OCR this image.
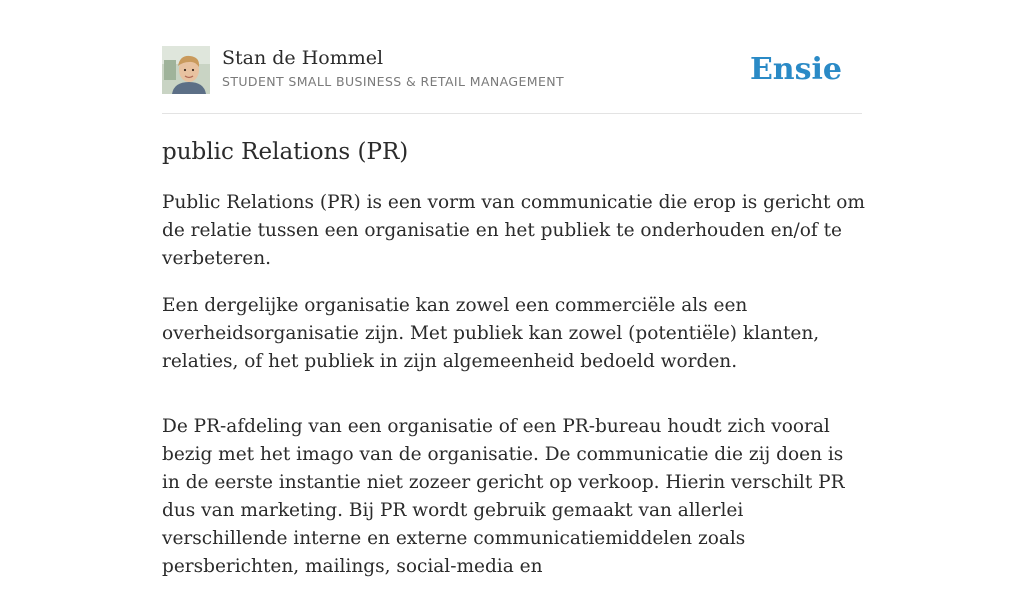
Stan de Hommel
STUDENT SMALL BUSINESS & RETAIL MANAGEMENT	Ensie
public Relations (PR)

Public Relations (PR) is een vorm van communicatie die erop is gericht om de relatie tussen een organisatie en het publiek te onderhouden en/of te verbeteren.

Een dergelijke organisatie kan zowel een commerciële als een overheidsorganisatie zijn. Met publiek kan zowel (potentiële) klanten, relaties, of het publiek in zijn algemeenheid bedoeld worden.

De PR-afdeling van een organisatie of een PR-bureau houdt zich vooral bezig met het imago van de organisatie. De communicatie die zij doen is in de eerste instantie niet zozeer gericht op verkoop. Hierin verschilt PR dus van marketing. Bij PR wordt gebruik gemaakt van allerlei verschillende interne en externe communicatiemiddelen zoals persberichten, mailings, social-media en
